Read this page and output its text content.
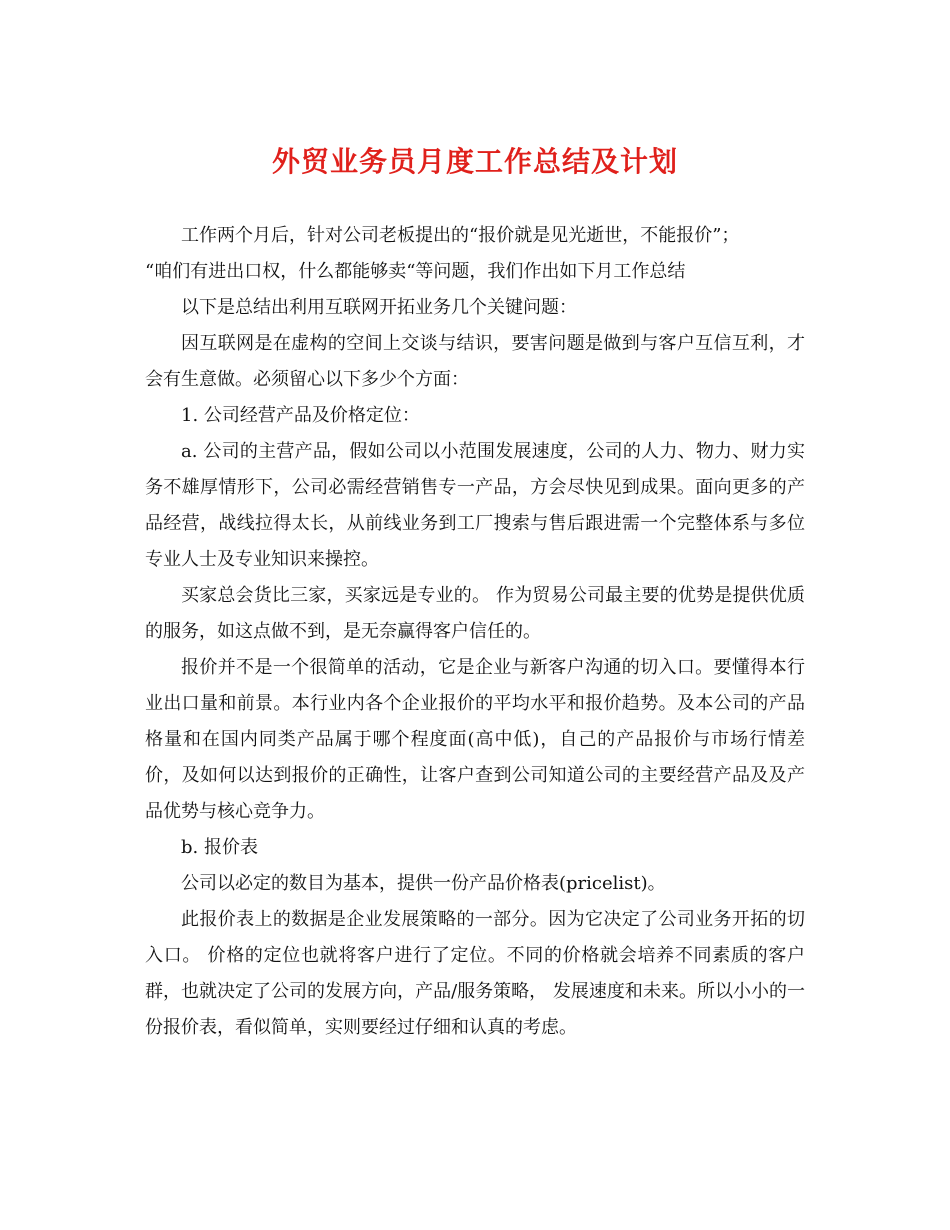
外贸业务员月度工作总结及计划

工作两个月后，针对公司老板提出的“报价就是见光逝世，不能报价”；

“咱们有进出口权，什么都能够卖“等问题，我们作出如下月工作总结

以下是总结出利用互联网开拓业务几个关键问题：

因互联网是在虚构的空间上交谈与结识，要害问题是做到与客户互信互利，才会有生意做。必须留心以下多少个方面：

1. 公司经营产品及价格定位：

a. 公司的主营产品，假如公司以小范围发展速度，公司的人力、物力、财力实务不雄厚情形下，公司必需经营销售专一产品，方会尽快见到成果。面向更多的产品经营，战线拉得太长，从前线业务到工厂搜索与售后跟进需一个完整体系与多位专业人士及专业知识来操控。

买家总会货比三家，买家远是专业的。 作为贸易公司最主要的优势是提供优质的服务，如这点做不到，是无奈赢得客户信任的。

报价并不是一个很简单的活动，它是企业与新客户沟通的切入口。要懂得本行业出口量和前景。本行业内各个企业报价的平均水平和报价趋势。及本公司的产品格量和在国内同类产品属于哪个程度面(高中低)，自己的产品报价与市场行情差价，及如何以达到报价的正确性，让客户查到公司知道公司的主要经营产品及及产品优势与核心竞争力。

b. 报价表

公司以必定的数目为基本，提供一份产品价格表(pricelist)。

此报价表上的数据是企业发展策略的一部分。因为它决定了公司业务开拓的切入口。 价格的定位也就将客户进行了定位。不同的价格就会培养不同素质的客户群，也就决定了公司的发展方向，产品/服务策略， 发展速度和未来。所以小小的一份报价表，看似简单，实则要经过仔细和认真的考虑。
